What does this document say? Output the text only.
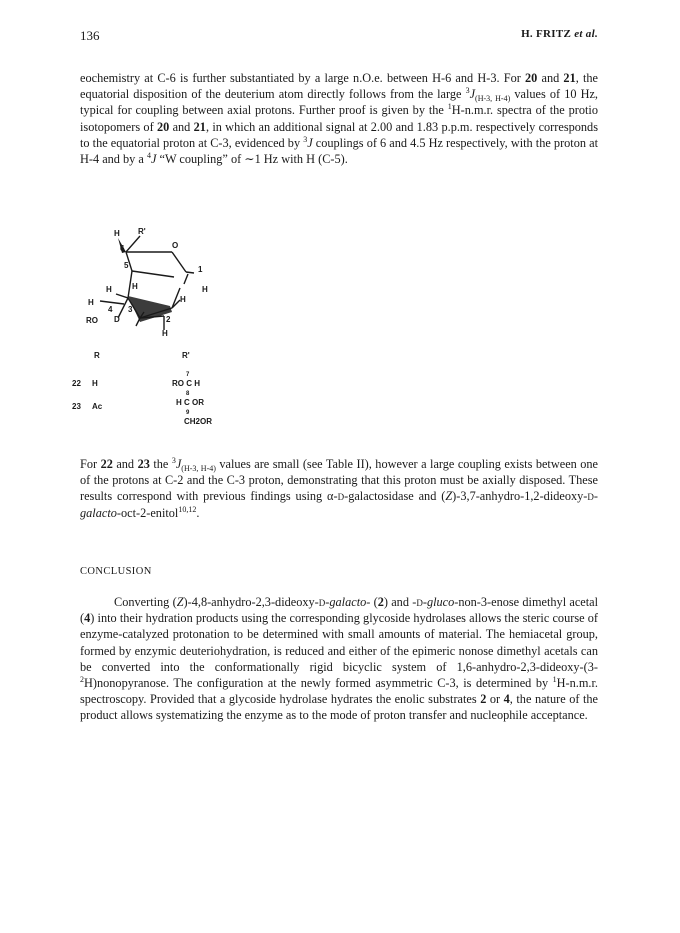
136	H. FRITZ et al.

eochemistry at C-6 is further substantiated by a large n.O.e. between H-6 and H-3. For 20 and 21, the equatorial disposition of the deuterium atom directly follows from the large $^3J_{(H-3, H-4)}$ values of 10 Hz, typical for coupling between axial protons. Further proof is given by the $^1$H-n.m.r. spectra of the protio isotopomers of 20 and 21, in which an additional signal at 2.00 and 1.83 p.p.m. respectively corresponds to the equatorial proton at C-3, evidenced by $^3$J couplings of 6 and 4.5 Hz respectively, with the proton at H-4 and by a $^4$J “W coupling” of ∼1 Hz with H (C-5).

H R'
6	O
1
5
H	H	H
H
4 3
H
RO D	2
H
R	R'
22 H
23 Ac
7
RO C H
8
H C OR
9
CH2OR

For 22 and 23 the $^3J_{(H-3, H-4)}$ values are small (see Table II), however a large coupling exists between one of the protons at C-2 and the C-3 proton, demonstrating that this proton must be axially disposed. These results correspond with previous findings using α-d-galactosidase and (Z)-3,7-anhydro-1,2-dideoxy-d-galacto-oct-2-enitol$^{10,12}$.

CONCLUSION

Converting (Z)-4,8-anhydro-2,3-dideoxy-d-galacto- (2) and -d-gluco-non-3-enose dimethyl acetal (4) into their hydration products using the corresponding glycoside hydrolases allows the steric course of enzyme-catalyzed protonation to be determined with small amounts of material. The hemiacetal group, formed by enzymic deuteriohydration, is reduced and either of the epimeric nonose dimethyl acetals can be converted into the conformationally rigid bicyclic system of 1,6-anhydro-2,3-dideoxy-(3-$^2$H)nonopyranose. The configuration at the newly formed asymmetric C-3, is determined by $^1$H-n.m.r. spectroscopy. Provided that a glycoside hydrolase hydrates the enolic substrates 2 or 4, the nature of the product allows systematizing the enzyme as to the mode of proton transfer and nucleophile acceptance.
